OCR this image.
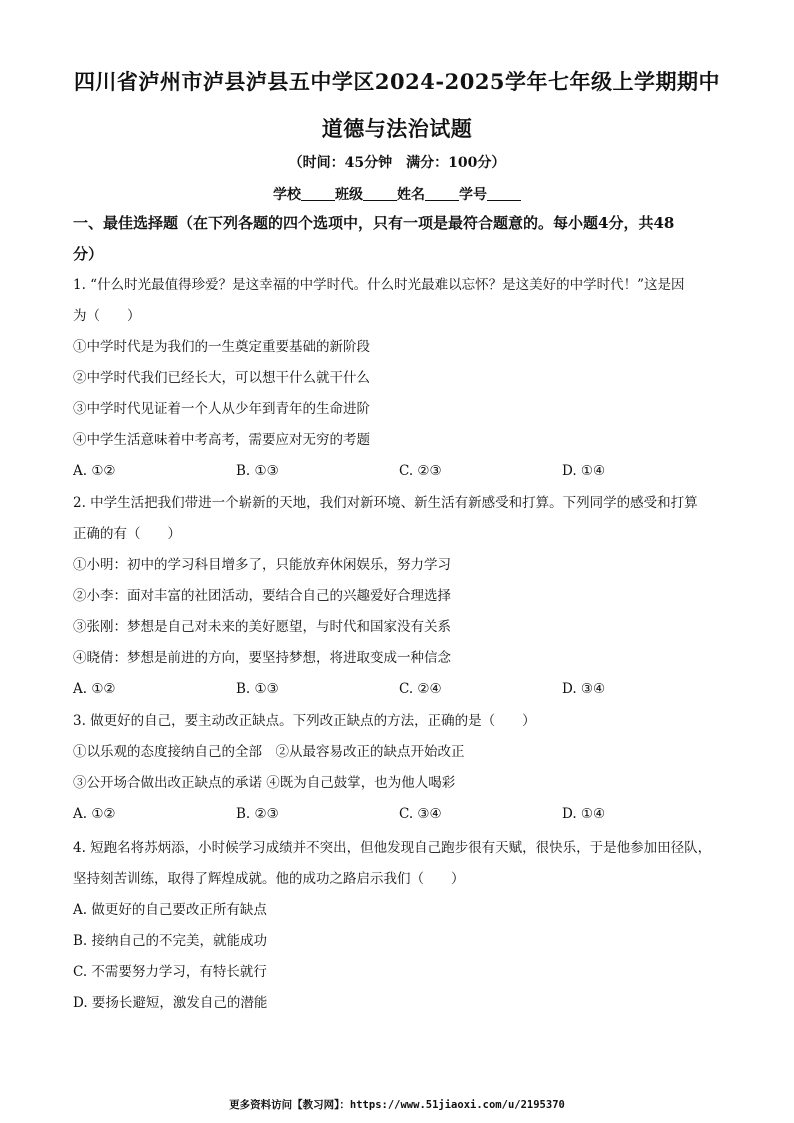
四川省泸州市泸县泸县五中学区2024-2025学年七年级上学期期中
道德与法治试题
（时间：45分钟　满分：100分）
学校 班级 姓名 学号
一、最佳选择题（在下列各题的四个选项中，只有一项是最符合题意的。每小题4分，共48
分）
1. “什么时光最值得珍爱？是这幸福的中学时代。什么时光最难以忘怀？是这美好的中学时代！”这是因
为（　　）
①中学时代是为我们的一生奠定重要基础的新阶段
②中学时代我们已经长大，可以想干什么就干什么
③中学时代见证着一个人从少年到青年的生命进阶
④中学生活意味着中考高考，需要应对无穷的考题
A. ①②	B. ①③	C. ②③	D. ①④
2. 中学生活把我们带进一个崭新的天地，我们对新环境、新生活有新感受和打算。下列同学的感受和打算
正确的有（　　）
①小明：初中的学习科目增多了，只能放弃休闲娱乐，努力学习
②小李：面对丰富的社团活动，要结合自己的兴趣爱好合理选择
③张刚：梦想是自己对未来的美好愿望，与时代和国家没有关系
④晓倩：梦想是前进的方向，要坚持梦想，将进取变成一种信念
A. ①②	B. ①③	C. ②④	D. ③④
3. 做更好的自己，要主动改正缺点。下列改正缺点的方法，正确的是（　　）
①以乐观的态度接纳自己的全部　②从最容易改正的缺点开始改正
③公开场合做出改正缺点的承诺 ④既为自己鼓掌，也为他人喝彩
A. ①②	B. ②③	C. ③④	D. ①④
4. 短跑名将苏炳添，小时候学习成绩并不突出，但他发现自己跑步很有天赋，很快乐，于是他参加田径队，
坚持刻苦训练，取得了辉煌成就。他的成功之路启示我们（　　）
A. 做更好的自己要改正所有缺点
B. 接纳自己的不完美，就能成功
C. 不需要努力学习，有特长就行
D. 要扬长避短，激发自己的潜能
更多资料访问【教习网】：https://www.51jiaoxi.com/u/2195370
